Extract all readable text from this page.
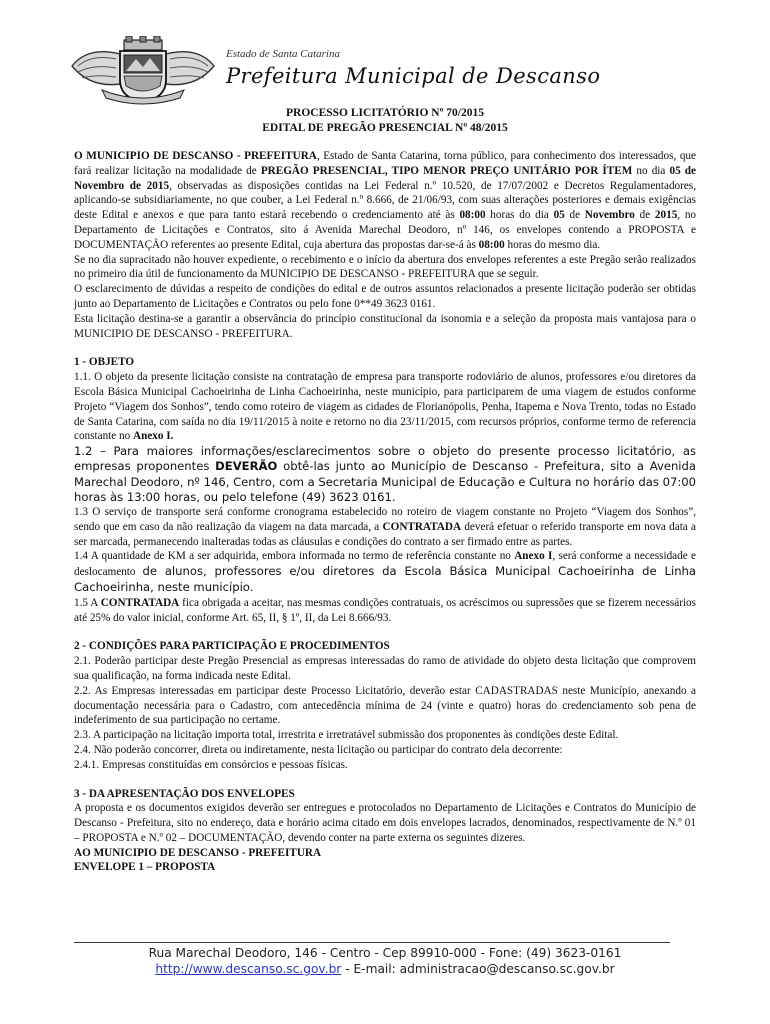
Estado de Santa Catarina
Prefeitura Municipal de Descanso
PROCESSO LICITATÓRIO Nº 70/2015
EDITAL DE PREGÃO PRESENCIAL Nº 48/2015

O MUNICIPIO DE DESCANSO - PREFEITURA, Estado de Santa Catarina, torna público, para conhecimento dos interessados, que fará realizar licitação na modalidade de PREGÃO PRESENCIAL, TIPO MENOR PREÇO UNITÁRIO POR ÍTEM no dia 05 de Novembro de 2015, observadas as disposições contidas na Lei Federal n.º 10.520, de 17/07/2002 e Decretos Regulamentadores, aplicando-se subsidiariamente, no que couber, a Lei Federal n.º 8.666, de 21/06/93, com suas alterações posteriores e demais exigências deste Edital e anexos e que para tanto estará recebendo o credenciamento até às 08:00 horas do dia 05 de Novembro de 2015, no Departamento de Licitações e Contratos, sito á Avenida Marechal Deodoro, nº 146, os envelopes contendo a PROPOSTA e DOCUMENTAÇÃO referentes ao presente Edital, cuja abertura das propostas dar-se-á às 08:00 horas do mesmo dia.

Se no dia supracitado não houver expediente, o recebimento e o início da abertura dos envelopes referentes a este Pregão serão realizados no primeiro dia útil de funcionamento da MUNICIPIO DE DESCANSO - PREFEITURA que se seguir.

O esclarecimento de dúvidas a respeito de condições do edital e de outros assuntos relacionados a presente licitação poderão ser obtidas junto ao Departamento de Licitações e Contratos ou pelo fone 0**49 3623 0161.

Esta licitação destina-se a garantir a observância do princípio constitucional da isonomia e a seleção da proposta mais vantajosa para o MUNICIPIO DE DESCANSO - PREFEITURA.

1 - OBJETO

1.1. O objeto da presente licitação consiste na contratação de empresa para transporte rodoviário de alunos, professores e/ou diretores da Escola Básica Municipal Cachoeirinha de Linha Cachoeirinha, neste município, para participarem de uma viagem de estudos conforme Projeto “Viagem dos Sonhos”, tendo como roteiro de viagem as cidades de Florianópolis, Penha, Itapema e Nova Trento, todas no Estado de Santa Catarina, com saída no dia 19/11/2015 à noite e retorno no dia 23/11/2015, com recursos próprios, conforme termo de referencia constante no Anexo I.

1.2 – Para maiores informações/esclarecimentos sobre o objeto do presente processo licitatório, as empresas proponentes DEVERÃO obtê-las junto ao Município de Descanso - Prefeitura, sito a Avenida Marechal Deodoro, nº 146, Centro, com a Secretaria Municipal de Educação e Cultura no horário das 07:00 horas às 13:00 horas, ou pelo telefone (49) 3623 0161.

1.3 O serviço de transporte será conforme cronograma estabelecido no roteiro de viagem constante no Projeto “Viagem dos Sonhos”, sendo que em caso da não realização da viagem na data marcada, a CONTRATADA deverá efetuar o referido transporte em nova data a ser marcada, permanecendo inalteradas todas as cláusulas e condições do contrato a ser firmado entre as partes.

1.4 A quantidade de KM a ser adquirida, embora informada no termo de referência constante no Anexo I, será conforme a necessidade e deslocamento de alunos, professores e/ou diretores da Escola Básica Municipal Cachoeirinha de Linha Cachoeirinha, neste município.

1.5 A CONTRATADA fica obrigada a aceitar, nas mesmas condições contratuais, os acréscimos ou supressões que se fizerem necessários até 25% do valor inicial, conforme Art. 65, II, § 1º, II, da Lei 8.666/93.

2 - CONDIÇÕES PARA PARTICIPAÇÃO E PROCEDIMENTOS

2.1. Poderão participar deste Pregão Presencial as empresas interessadas do ramo de atividade do objeto desta licitação que comprovem sua qualificação, na forma indicada neste Edital.

2.2. As Empresas interessadas em participar deste Processo Licitatório, deverão estar CADASTRADAS neste Município, anexando a documentação necessária para o Cadastro, com antecedência mínima de 24 (vinte e quatro) horas do credenciamento sob pena de indeferimento de sua participação no certame.

2.3. A participação na licitação importa total, irrestrita e irretratável submissão dos proponentes às condições deste Edital.

2.4. Não poderão concorrer, direta ou indiretamente, nesta licitação ou participar do contrato dela decorrente:

2.4.1. Empresas constituídas em consórcios e pessoas físicas.

3 - DA APRESENTAÇÃO DOS ENVELOPES

A proposta e os documentos exigidos deverão ser entregues e protocolados no Departamento de Licitações e Contratos do Município de Descanso - Prefeitura, sito no endereço, data e horário acima citado em dois envelopes lacrados, denominados, respectivamente de N.º 01 – PROPOSTA e N.º 02 – DOCUMENTAÇÃO, devendo conter na parte externa os seguintes dizeres.

AO MUNICIPIO DE DESCANSO - PREFEITURA

ENVELOPE 1 – PROPOSTA

Rua Marechal Deodoro, 146 - Centro - Cep 89910-000 - Fone: (49) 3623-0161
http://www.descanso.sc.gov.br - E-mail: administracao@descanso.sc.gov.br
